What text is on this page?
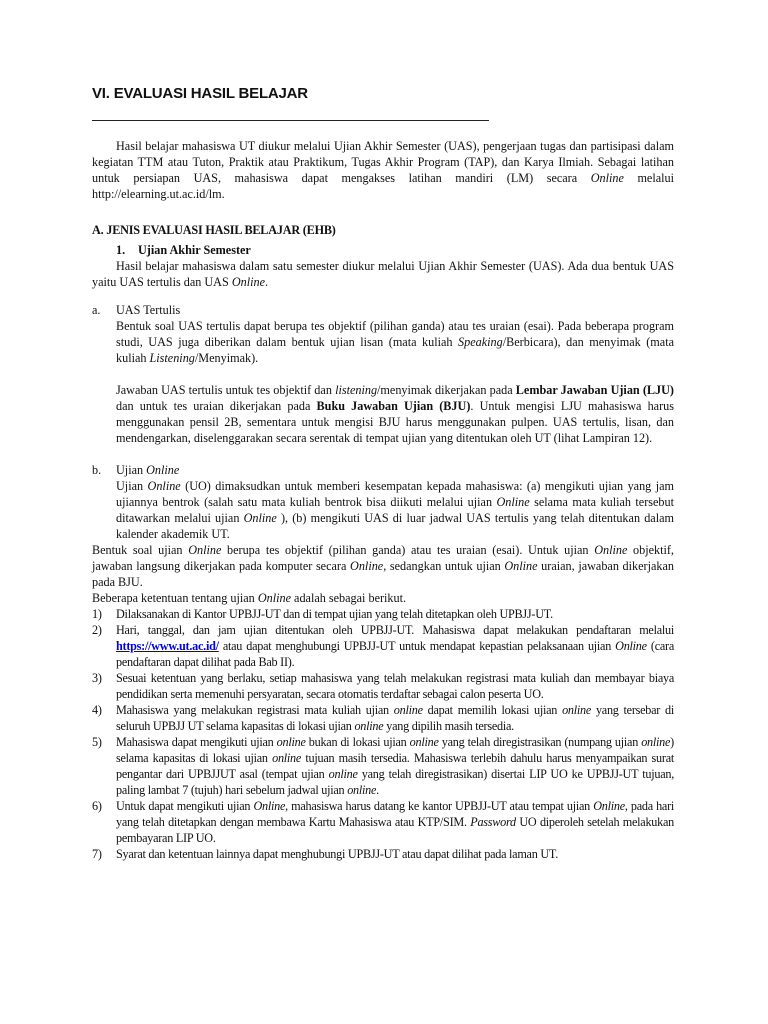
VI. EVALUASI HASIL BELAJAR

Hasil belajar mahasiswa UT diukur melalui Ujian Akhir Semester (UAS), pengerjaan tugas dan partisipasi dalam kegiatan TTM atau Tuton, Praktik atau Praktikum, Tugas Akhir Program (TAP), dan Karya Ilmiah. Sebagai latihan untuk persiapan UAS, mahasiswa dapat mengakses latihan mandiri (LM) secara Online melalui http://elearning.ut.ac.id/lm.

A. JENIS EVALUASI HASIL BELAJAR (EHB)

1. Ujian Akhir Semester

Hasil belajar mahasiswa dalam satu semester diukur melalui Ujian Akhir Semester (UAS). Ada dua bentuk UAS yaitu UAS tertulis dan UAS Online.

a.	UAS Tertulis

Bentuk soal UAS tertulis dapat berupa tes objektif (pilihan ganda) atau tes uraian (esai). Pada beberapa program studi, UAS juga diberikan dalam bentuk ujian lisan (mata kuliah Speaking/Berbicara), dan menyimak (mata kuliah Listening/Menyimak).

Jawaban UAS tertulis untuk tes objektif dan listening/menyimak dikerjakan pada Lembar Jawaban Ujian (LJU) dan untuk tes uraian dikerjakan pada Buku Jawaban Ujian (BJU). Untuk mengisi LJU mahasiswa harus menggunakan pensil 2B, sementara untuk mengisi BJU harus menggunakan pulpen. UAS tertulis, lisan, dan mendengarkan, diselenggarakan secara serentak di tempat ujian yang ditentukan oleh UT (lihat Lampiran 12).

b.	Ujian Online

Ujian Online (UO) dimaksudkan untuk memberi kesempatan kepada mahasiswa: (a) mengikuti ujian yang jam ujiannya bentrok (salah satu mata kuliah bentrok bisa diikuti melalui ujian Online selama mata kuliah tersebut ditawarkan melalui ujian Online ), (b) mengikuti UAS di luar jadwal UAS tertulis yang telah ditentukan dalam kalender akademik UT.

Bentuk soal ujian Online berupa tes objektif (pilihan ganda) atau tes uraian (esai). Untuk ujian Online objektif, jawaban langsung dikerjakan pada komputer secara Online, sedangkan untuk ujian Online uraian, jawaban dikerjakan pada BJU.

Beberapa ketentuan tentang ujian Online adalah sebagai berikut.

1)	Dilaksanakan di Kantor UPBJJ-UT dan di tempat ujian yang telah ditetapkan oleh UPBJJ-UT.
2)	Hari, tanggal, dan jam ujian ditentukan oleh UPBJJ-UT. Mahasiswa dapat melakukan pendaftaran melalui https://www.ut.ac.id/ atau dapat menghubungi UPBJJ-UT untuk mendapat kepastian pelaksanaan ujian Online (cara pendaftaran dapat dilihat pada Bab II).
3)	Sesuai ketentuan yang berlaku, setiap mahasiswa yang telah melakukan registrasi mata kuliah dan membayar biaya pendidikan serta memenuhi persyaratan, secara otomatis terdaftar sebagai calon peserta UO.
4)	Mahasiswa yang melakukan registrasi mata kuliah ujian online dapat memilih lokasi ujian online yang tersebar di seluruh UPBJJ UT selama kapasitas di lokasi ujian online yang dipilih masih tersedia.
5)	Mahasiswa dapat mengikuti ujian online bukan di lokasi ujian online yang telah diregistrasikan (numpang ujian online) selama kapasitas di lokasi ujian online tujuan masih tersedia. Mahasiswa terlebih dahulu harus menyampaikan surat pengantar dari UPBJJUT asal (tempat ujian online yang telah diregistrasikan) disertai LIP UO ke UPBJJ-UT tujuan, paling lambat 7 (tujuh) hari sebelum jadwal ujian online.
6)	Untuk dapat mengikuti ujian Online, mahasiswa harus datang ke kantor UPBJJ-UT atau tempat ujian Online, pada hari yang telah ditetapkan dengan membawa Kartu Mahasiswa atau KTP/SIM. Password UO diperoleh setelah melakukan pembayaran LIP UO.
7)	Syarat dan ketentuan lainnya dapat menghubungi UPBJJ-UT atau dapat dilihat pada laman UT.
